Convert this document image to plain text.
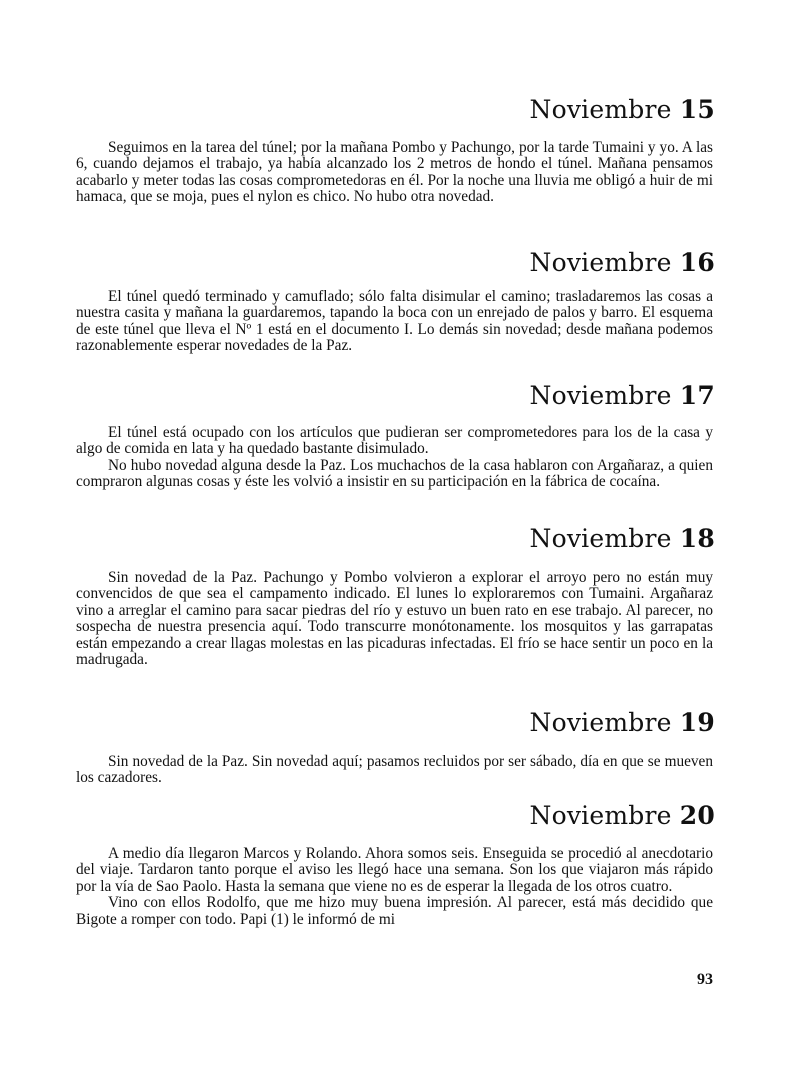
Noviembre 15

Seguimos en la tarea del túnel; por la mañana Pombo y Pachungo, por la tarde Tumaini y yo. A las 6, cuando dejamos el trabajo, ya había alcanzado los 2 metros de hondo el túnel. Mañana pensamos acabarlo y meter todas las cosas comprometedoras en él. Por la noche una lluvia me obligó a huir de mi hamaca, que se moja, pues el nylon es chico. No hubo otra novedad.

Noviembre 16

El túnel quedó terminado y camuflado; sólo falta disimular el camino; trasladaremos las cosas a nuestra casita y mañana la guardaremos, tapando la boca con un enrejado de palos y barro. El esquema de este túnel que lleva el Nº 1 está en el documento I. Lo demás sin novedad; desde mañana podemos razonablemente esperar novedades de la Paz.

Noviembre 17

El túnel está ocupado con los artículos que pudieran ser comprometedores para los de la casa y algo de comida en lata y ha quedado bastante disimulado.

No hubo novedad alguna desde la Paz. Los muchachos de la casa hablaron con Argañaraz, a quien compraron algunas cosas y éste les volvió a insistir en su participación en la fábrica de cocaína.

Noviembre 18

Sin novedad de la Paz. Pachungo y Pombo volvieron a explorar el arroyo pero no están muy convencidos de que sea el campamento indicado. El lunes lo exploraremos con Tumaini. Argañaraz vino a arreglar el camino para sacar piedras del río y estuvo un buen rato en ese trabajo. Al parecer, no sospecha de nuestra presencia aquí. Todo transcurre monótonamente. los mosquitos y las garrapatas están empezando a crear llagas molestas en las picaduras infectadas. El frío se hace sentir un poco en la madrugada.

Noviembre 19

Sin novedad de la Paz. Sin novedad aquí; pasamos recluidos por ser sábado, día en que se mueven los cazadores.

Noviembre 20

A medio día llegaron Marcos y Rolando. Ahora somos seis. Enseguida se procedió al anecdotario del viaje. Tardaron tanto porque el aviso les llegó hace una semana. Son los que viajaron más rápido por la vía de Sao Paolo. Hasta la semana que viene no es de esperar la llegada de los otros cuatro.

Vino con ellos Rodolfo, que me hizo muy buena impresión. Al parecer, está más decidido que Bigote a romper con todo. Papi (1) le informó de mi

93
